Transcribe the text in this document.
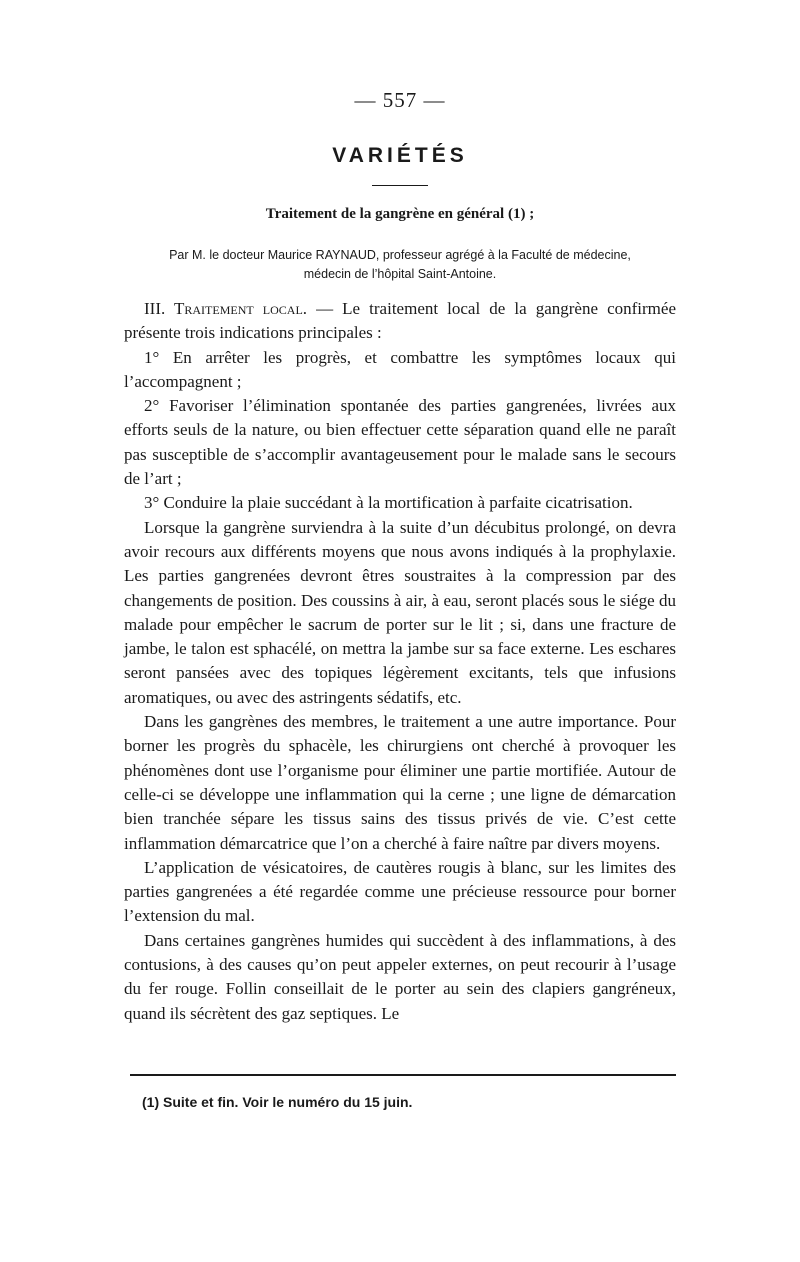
— 557 —
VARIÉTÉS
Traitement de la gangrène en général (1) ;
Par M. le docteur Maurice RAYNAUD, professeur agrégé à la Faculté de médecine,
médecin de l’hôpital Saint-Antoine.

III. Traitement local. — Le traitement local de la gangrène confirmée présente trois indications principales :

1° En arrêter les progrès, et combattre les symptômes locaux qui l’accompagnent ;

2° Favoriser l’élimination spontanée des parties gangrenées, livrées aux efforts seuls de la nature, ou bien effectuer cette séparation quand elle ne paraît pas susceptible de s’accomplir avantageusement pour le malade sans le secours de l’art ;

3° Conduire la plaie succédant à la mortification à parfaite cicatrisation.

Lorsque la gangrène surviendra à la suite d’un décubitus prolongé, on devra avoir recours aux différents moyens que nous avons indiqués à la prophylaxie. Les parties gangrenées devront êtres soustraites à la compression par des changements de position. Des coussins à air, à eau, seront placés sous le siége du malade pour empêcher le sacrum de porter sur le lit ; si, dans une fracture de jambe, le talon est sphacélé, on mettra la jambe sur sa face externe. Les eschares seront pansées avec des topiques légèrement excitants, tels que infusions aromatiques, ou avec des astringents sédatifs, etc.

Dans les gangrènes des membres, le traitement a une autre importance. Pour borner les progrès du sphacèle, les chirurgiens ont cherché à provoquer les phénomènes dont use l’organisme pour éliminer une partie mortifiée. Autour de celle-ci se développe une inflammation qui la cerne ; une ligne de démarcation bien tranchée sépare les tissus sains des tissus privés de vie. C’est cette inflammation démarcatrice que l’on a cherché à faire naître par divers moyens.

L’application de vésicatoires, de cautères rougis à blanc, sur les limites des parties gangrenées a été regardée comme une précieuse ressource pour borner l’extension du mal.

Dans certaines gangrènes humides qui succèdent à des inflammations, à des contusions, à des causes qu’on peut appeler externes, on peut recourir à l’usage du fer rouge. Follin conseillait de le porter au sein des clapiers gangréneux, quand ils sécrètent des gaz septiques. Le

(1) Suite et fin. Voir le numéro du 15 juin.
